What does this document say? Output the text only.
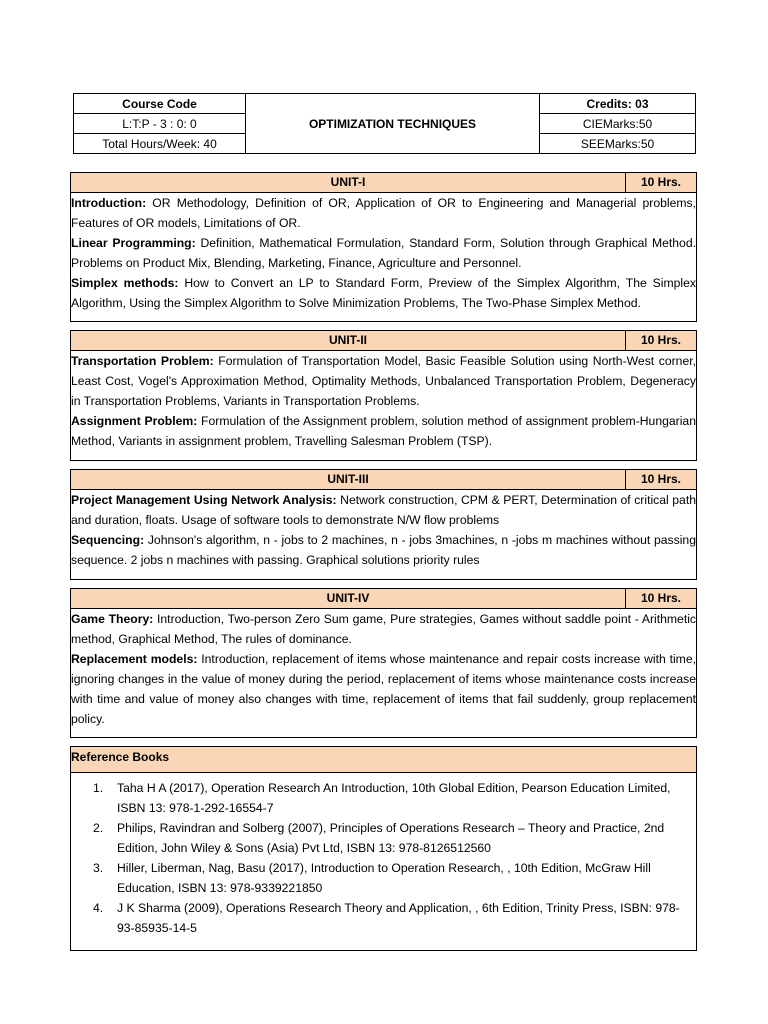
Course Code	OPTIMIZATION TECHNIQUES	Credits: 03
L:T:P - 3 : 0: 0		CIEMarks:50
Total Hours/Week: 40		SEEMarks:50
UNIT-I	10 Hrs.

Introduction: OR Methodology, Definition of OR, Application of OR to Engineering and Managerial problems, Features of OR models, Limitations of OR.

Linear Programming: Definition, Mathematical Formulation, Standard Form, Solution through Graphical Method. Problems on Product Mix, Blending, Marketing, Finance, Agriculture and Personnel.

Simplex methods: How to Convert an LP to Standard Form, Preview of the Simplex Algorithm, The Simplex Algorithm, Using the Simplex Algorithm to Solve Minimization Problems, The Two-Phase Simplex Method.

UNIT-II	10 Hrs.

Transportation Problem: Formulation of Transportation Model, Basic Feasible Solution using North-West corner, Least Cost, Vogel's Approximation Method, Optimality Methods, Unbalanced Transportation Problem, Degeneracy in Transportation Problems, Variants in Transportation Problems.

Assignment Problem: Formulation of the Assignment problem, solution method of assignment problem-Hungarian Method, Variants in assignment problem, Travelling Salesman Problem (TSP).

UNIT-III	10 Hrs.

Project Management Using Network Analysis: Network construction, CPM & PERT, Determination of critical path and duration, floats. Usage of software tools to demonstrate N/W flow problems

Sequencing: Johnson's algorithm, n - jobs to 2 machines, n - jobs 3machines, n -jobs m machines without passing sequence. 2 jobs n machines with passing. Graphical solutions priority rules

UNIT-IV	10 Hrs.

Game Theory: Introduction, Two-person Zero Sum game, Pure strategies, Games without saddle point - Arithmetic method, Graphical Method, The rules of dominance.

Replacement models: Introduction, replacement of items whose maintenance and repair costs increase with time, ignoring changes in the value of money during the period, replacement of items whose maintenance costs increase with time and value of money also changes with time, replacement of items that fail suddenly, group replacement policy.

Reference Books
1. Taha H A (2017), Operation Research An Introduction, 10th Global Edition, Pearson Education Limited, ISBN 13: 978-1-292-16554-7
2. Philips, Ravindran and Solberg (2007), Principles of Operations Research – Theory and Practice, 2nd Edition, John Wiley & Sons (Asia) Pvt Ltd, ISBN 13: 978-8126512560
3. Hiller, Liberman, Nag, Basu (2017), Introduction to Operation Research, , 10th Edition, McGraw Hill Education, ISBN 13: 978-9339221850
4. J K Sharma (2009), Operations Research Theory and Application, , 6th Edition, Trinity Press, ISBN: 978-93-85935-14-5
